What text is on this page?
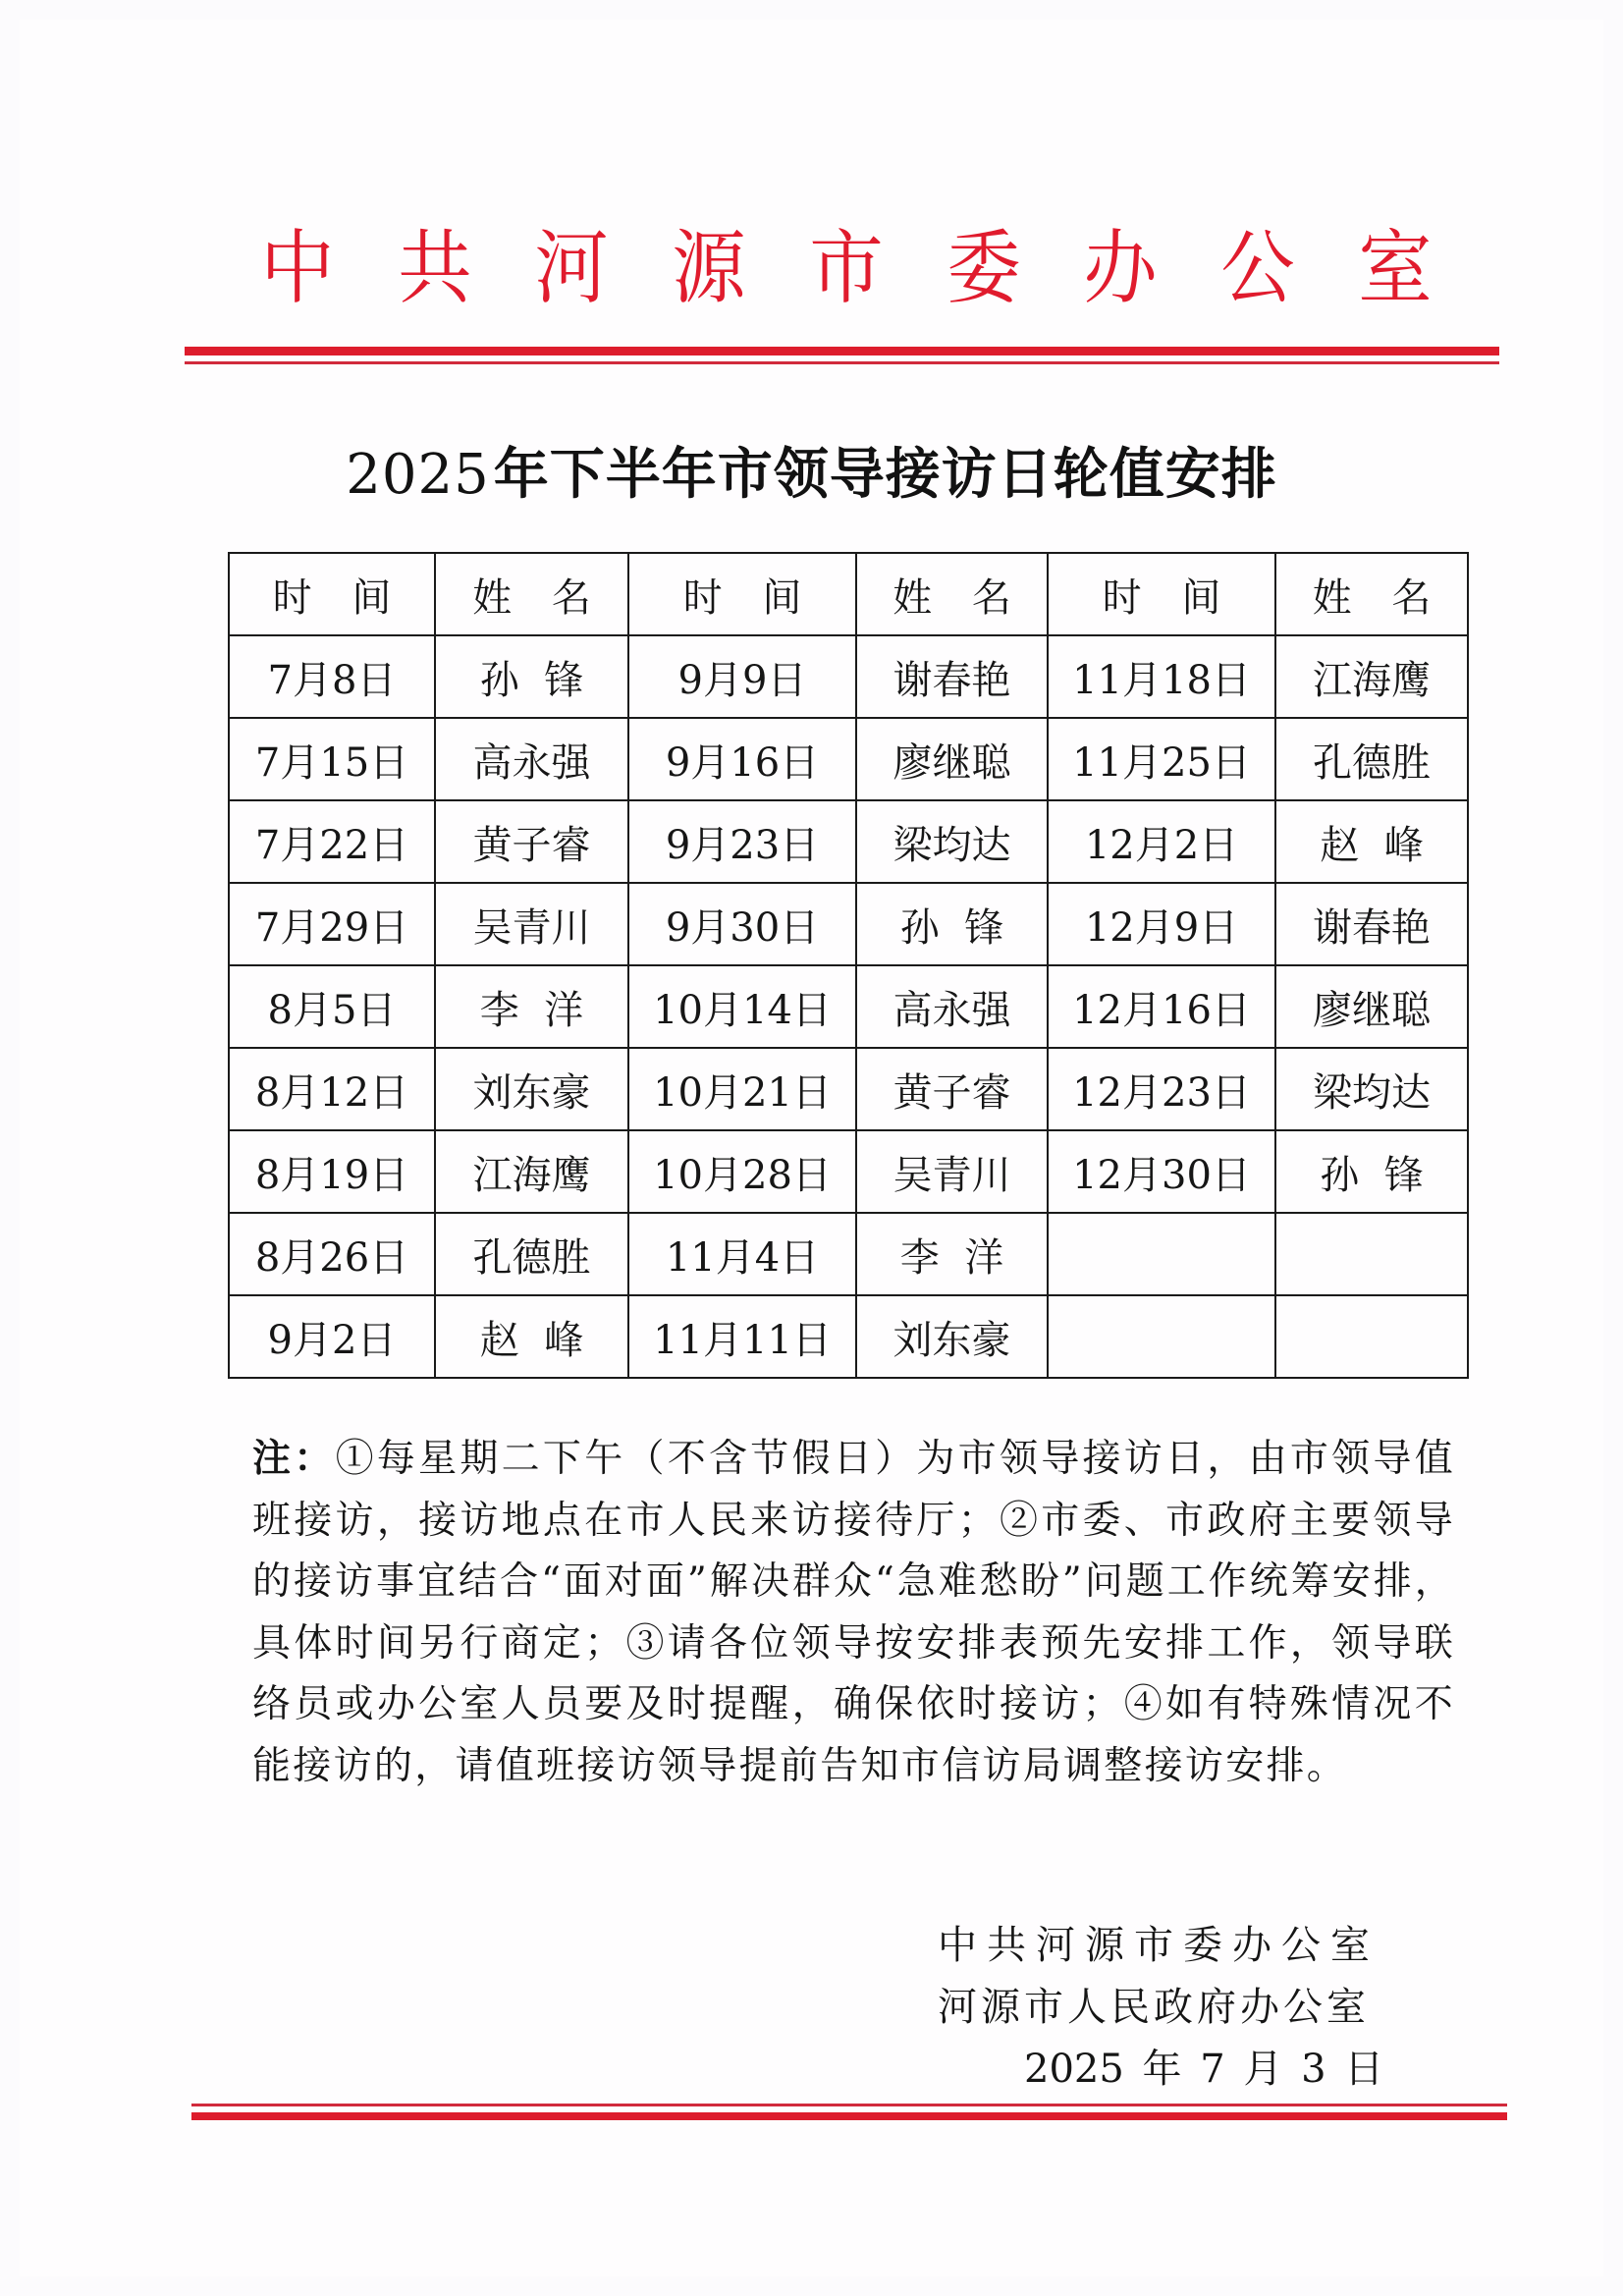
中 共 河 源 市 委 办 公 室
2025年下半年市领导接访日轮值安排
时 间	姓 名	时 间	姓 名	时 间	姓 名
7月8日	孙  锋	9月9日	谢春艳	11月18日	江海鹰
7月15日	高永强	9月16日	廖继聪	11月25日	孔德胜
7月22日	黄子睿	9月23日	梁均达	12月2日	赵  峰
7月29日	吴青川	9月30日	孙  锋	12月9日	谢春艳
8月5日	李  洋	10月14日	高永强	12月16日	廖继聪
8月12日	刘东豪	10月21日	黄子睿	12月23日	梁均达
8月19日	江海鹰	10月28日	吴青川	12月30日	孙  锋
8月26日	孔德胜	11月4日	李  洋		
9月2日	赵  峰	11月11日	刘东豪		
注：①每星期二下午（不含节假日）为市领导接访日，由市领导值班接访，接访地点在市人民来访接待厅；②市委、市政府主要领导的接访事宜结合“面对面”解决群众“急难愁盼”问题工作统筹安排，具体时间另行商定；③请各位领导按安排表预先安排工作，领导联络员或办公室人员要及时提醒，确保依时接访；④如有特殊情况不能接访的，请值班接访领导提前告知市信访局调整接访安排。
中共河源市委办公室
河源市人民政府办公室
2025 年 7 月 3 日
